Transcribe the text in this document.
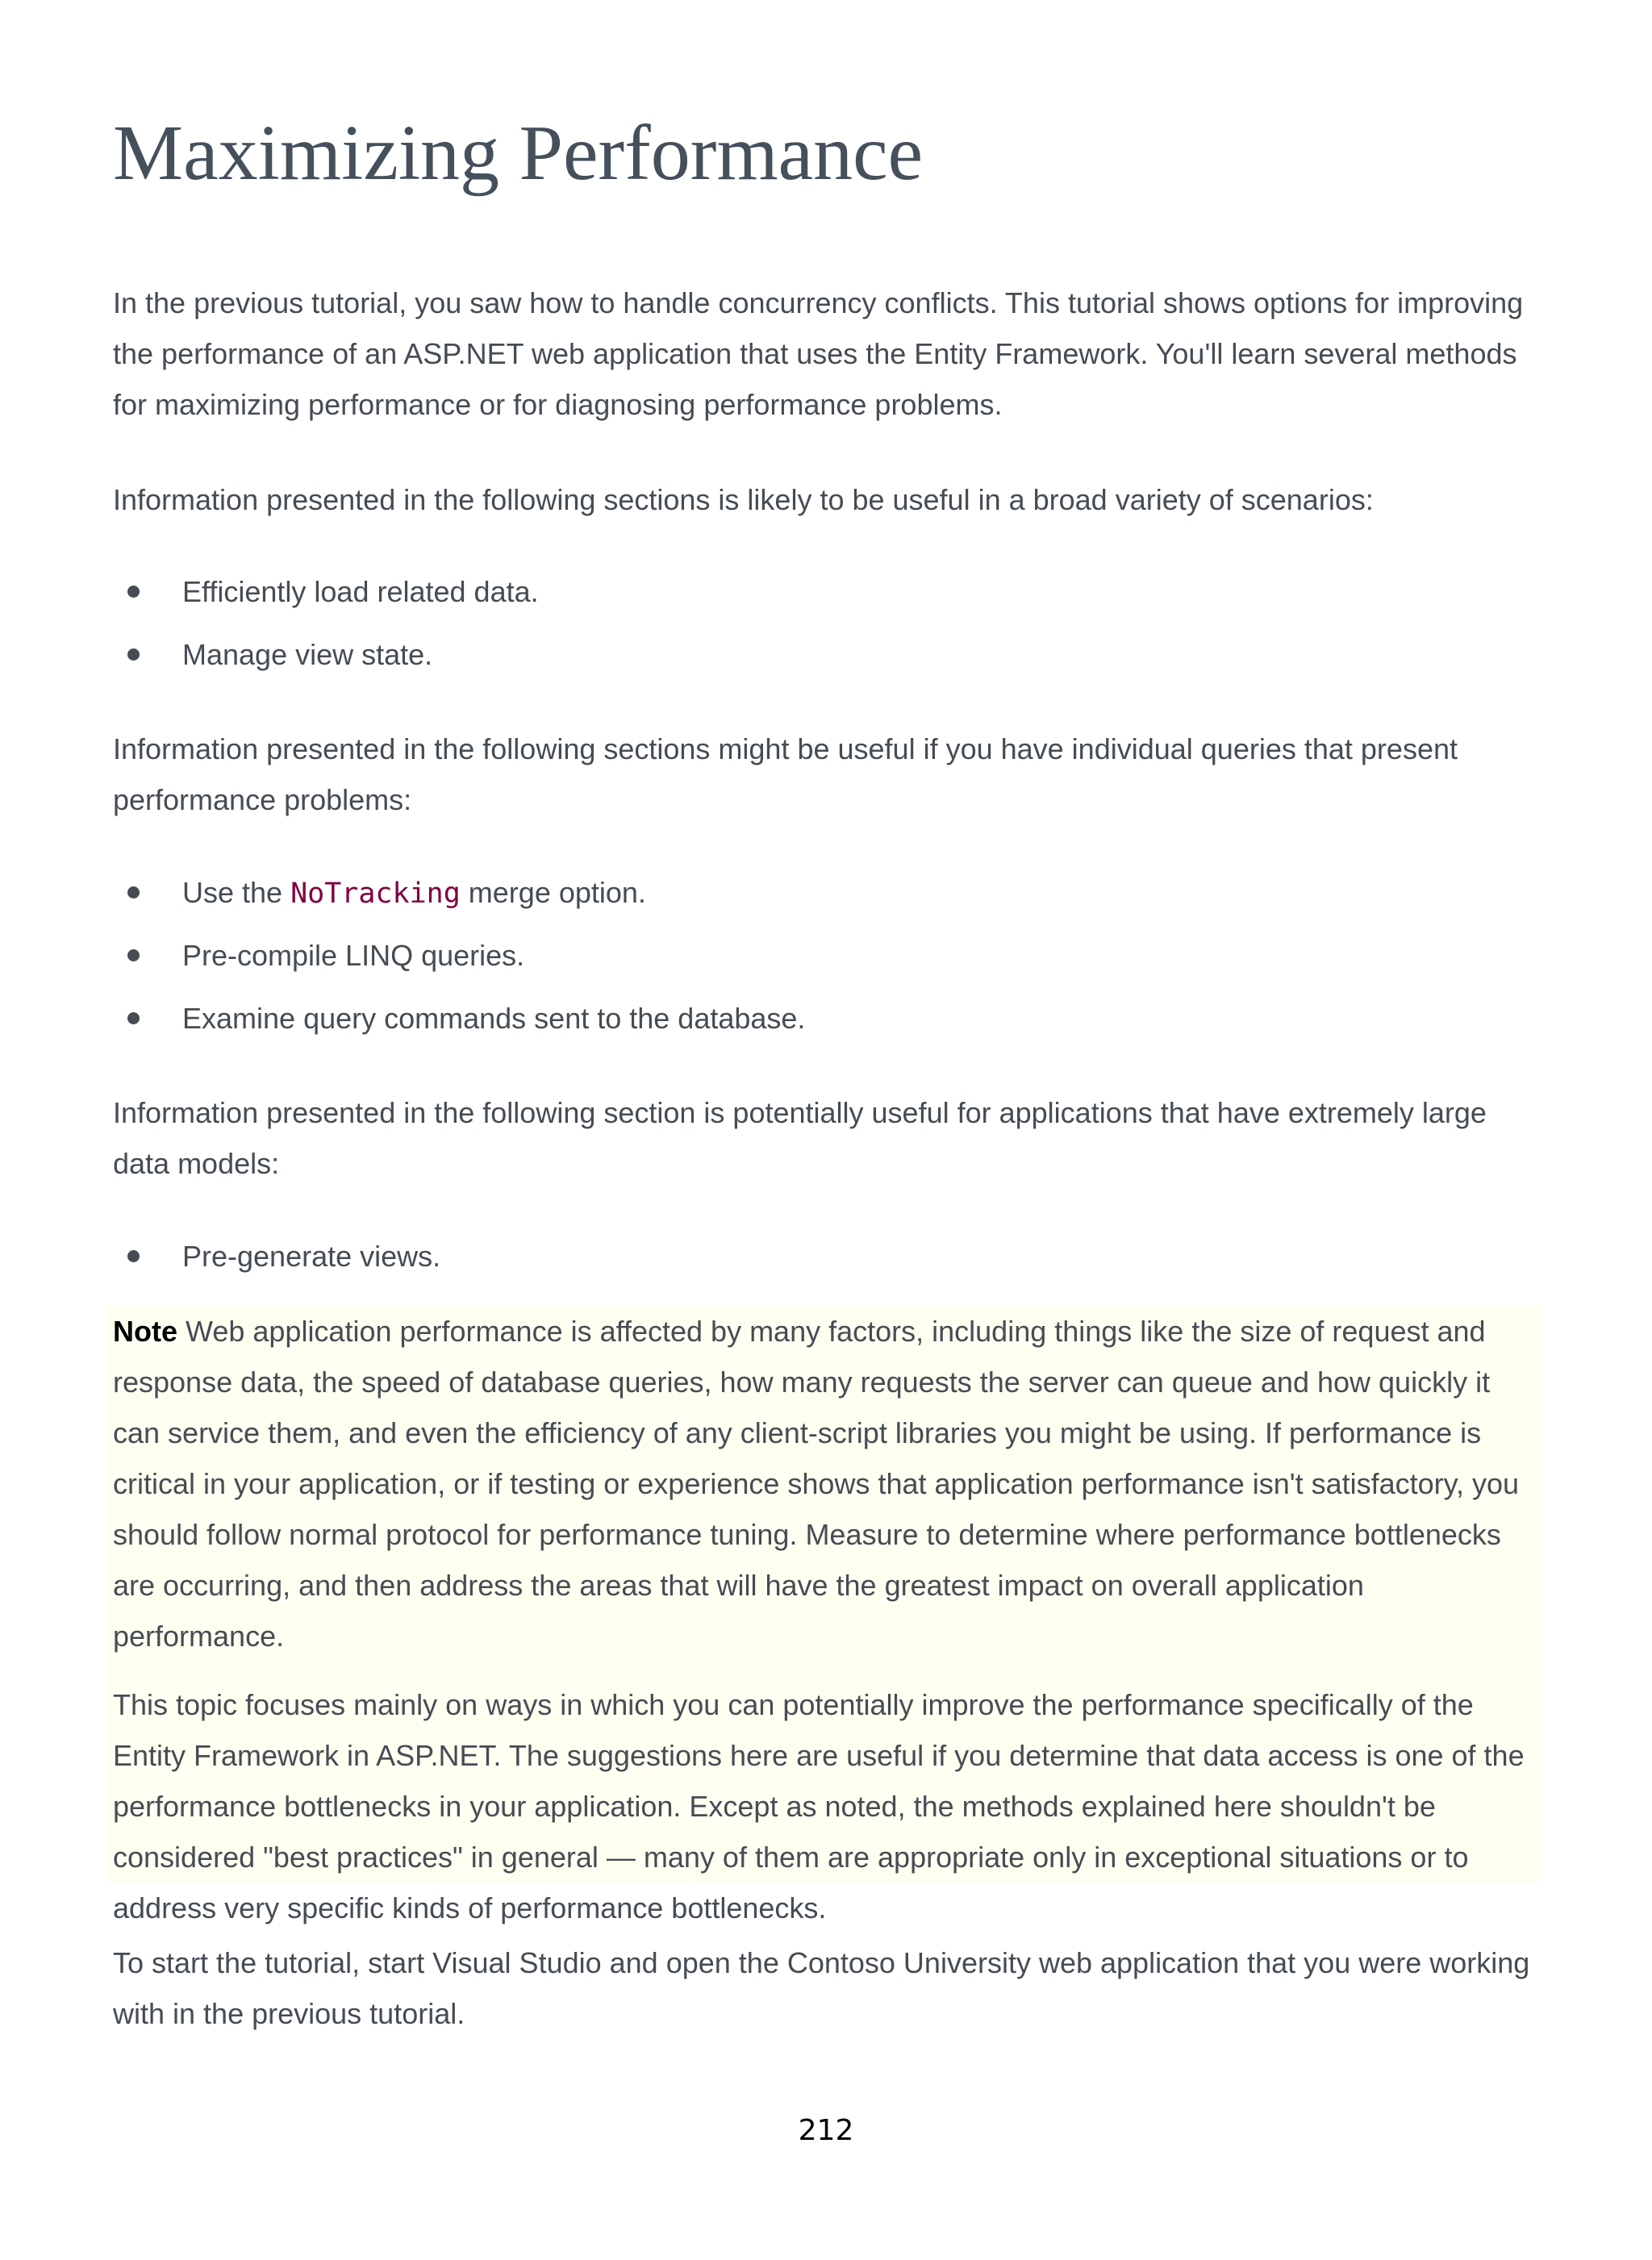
Maximizing Performance

In the previous tutorial, you saw how to handle concurrency conflicts. This tutorial shows options for improving the performance of an ASP.NET web application that uses the Entity Framework. You'll learn several methods for maximizing performance or for diagnosing performance problems.

Information presented in the following sections is likely to be useful in a broad variety of scenarios:

Efficiently load related data.
Manage view state.

Information presented in the following sections might be useful if you have individual queries that present performance problems:

Use the NoTracking merge option.
Pre-compile LINQ queries.
Examine query commands sent to the database.

Information presented in the following section is potentially useful for applications that have extremely large data models:

Pre-generate views.

Note Web application performance is affected by many factors, including things like the size of request and response data, the speed of database queries, how many requests the server can queue and how quickly it can service them, and even the efficiency of any client-script libraries you might be using. If performance is critical in your application, or if testing or experience shows that application performance isn't satisfactory, you should follow normal protocol for performance tuning. Measure to determine where performance bottlenecks are occurring, and then address the areas that will have the greatest impact on overall application performance.

This topic focuses mainly on ways in which you can potentially improve the performance specifically of the Entity Framework in ASP.NET. The suggestions here are useful if you determine that data access is one of the performance bottlenecks in your application. Except as noted, the methods explained here shouldn't be considered "best practices" in general — many of them are appropriate only in exceptional situations or to address very specific kinds of performance bottlenecks.

To start the tutorial, start Visual Studio and open the Contoso University web application that you were working with in the previous tutorial.

212
